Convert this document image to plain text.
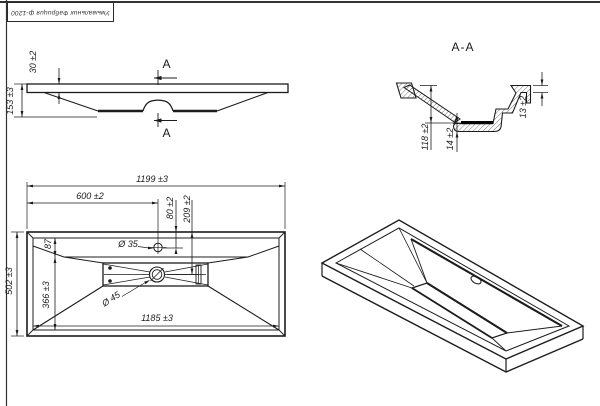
Умывальник Фабриция ф-1200
30 ±2
153 ±3
A
A
A-A
118 ±2 14 ±2
13 ±2
1199 ±3
600 ±2
80 ±2 209 ±2
502 ±3
87
366 ±3
1185 ±3
Ø 35
Ø 45
